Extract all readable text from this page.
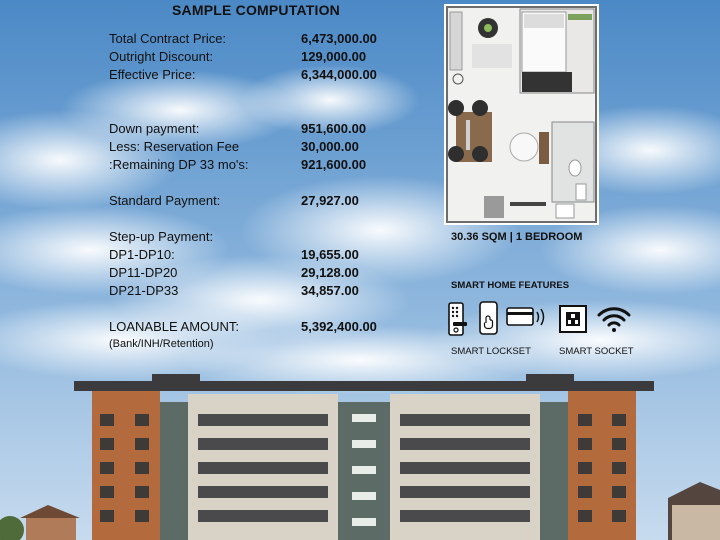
SAMPLE COMPUTATION
Total Contract Price:	6,473,000.00
Outright Discount:	129,000.00
Effective Price:	6,344,000.00
Down payment:	951,600.00
Less: Reservation Fee	30,000.00
:Remaining DP 33 mo's:	921,600.00
Standard Payment:	27,927.00
Step-up Payment:
DP1-DP10:	19,655.00
DP11-DP20	29,128.00
DP21-DP33	34,857.00
LOANABLE AMOUNT:	5,392,400.00
(Bank/INH/Retention)
30.36 SQM | 1 BEDROOM
SMART HOME FEATURES
SMART LOCKSET	SMART SOCKET
